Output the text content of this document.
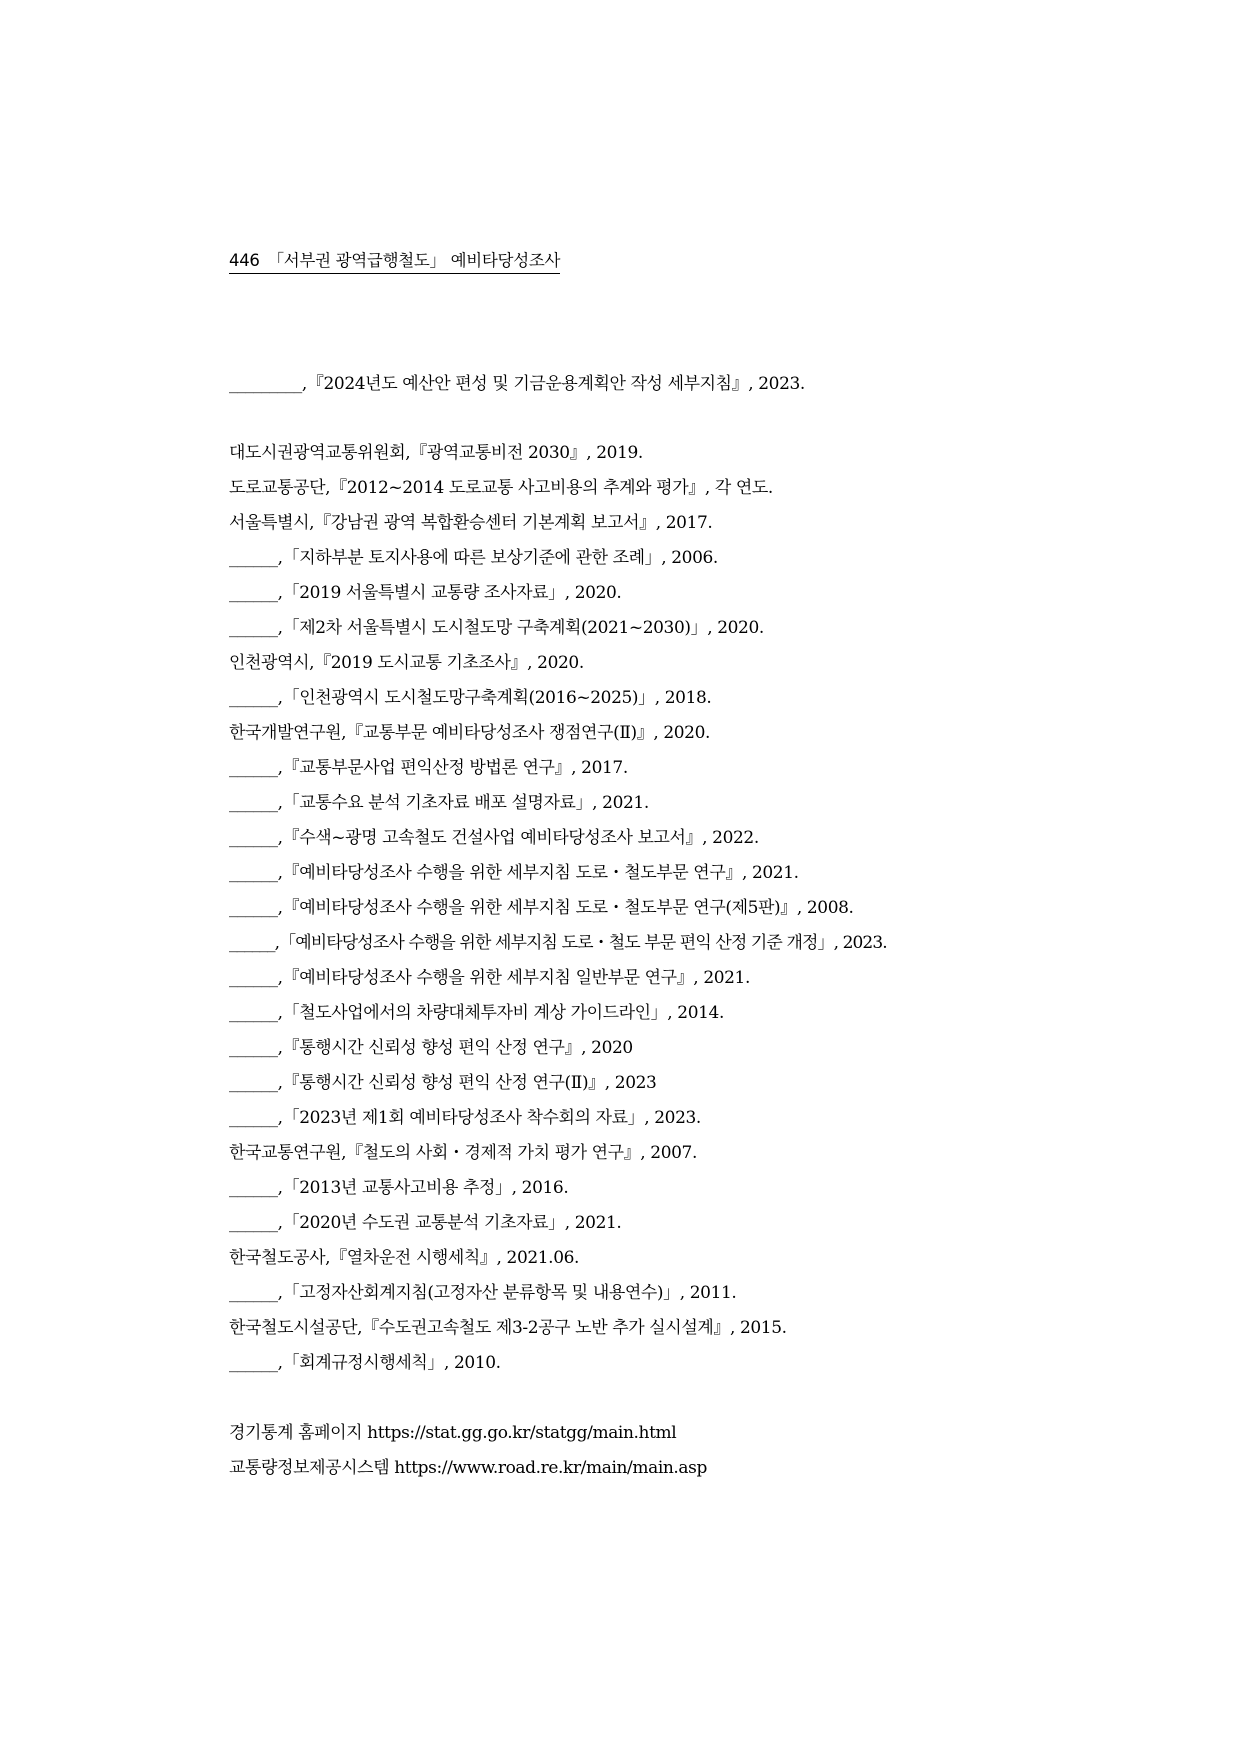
446 「서부권 광역급행철도」 예비타당성조사
_________,『2024년도 예산안 편성 및 기금운용계획안 작성 세부지침』, 2023.
대도시권광역교통위원회,『광역교통비전 2030』, 2019.
도로교통공단,『2012~2014 도로교통 사고비용의 추계와 평가』, 각 연도.
서울특별시,『강남권 광역 복합환승센터 기본계획 보고서』, 2017.
______,「지하부분 토지사용에 따른 보상기준에 관한 조례」, 2006.
______,「2019 서울특별시 교통량 조사자료」, 2020.
______,「제2차 서울특별시 도시철도망 구축계획(2021~2030)」, 2020.
인천광역시,『2019 도시교통 기초조사』, 2020.
______,「인천광역시 도시철도망구축계획(2016~2025)」, 2018.
한국개발연구원,『교통부문 예비타당성조사 쟁점연구(Ⅱ)』, 2020.
______,『교통부문사업 편익산정 방법론 연구』, 2017.
______,「교통수요 분석 기초자료 배포 설명자료」, 2021.
______,『수색~광명 고속철도 건설사업 예비타당성조사 보고서』, 2022.
______,『예비타당성조사 수행을 위한 세부지침 도로・철도부문 연구』, 2021.
______,『예비타당성조사 수행을 위한 세부지침 도로・철도부문 연구(제5판)』, 2008.
______,「예비타당성조사 수행을 위한 세부지침 도로・철도 부문 편익 산정 기준 개정」, 2023.
______,『예비타당성조사 수행을 위한 세부지침 일반부문 연구』, 2021.
______,「철도사업에서의 차량대체투자비 계상 가이드라인」, 2014.
______,『통행시간 신뢰성 향성 편익 산정 연구』, 2020
______,『통행시간 신뢰성 향성 편익 산정 연구(Ⅱ)』, 2023
______,「2023년 제1회 예비타당성조사 착수회의 자료」, 2023.
한국교통연구원,『철도의 사회・경제적 가치 평가 연구』, 2007.
______,「2013년 교통사고비용 추정」, 2016.
______,「2020년 수도권 교통분석 기초자료」, 2021.
한국철도공사,『열차운전 시행세칙』, 2021.06.
______,「고정자산회계지침(고정자산 분류항목 및 내용연수)」, 2011.
한국철도시설공단,『수도권고속철도 제3-2공구 노반 추가 실시설계』, 2015.
______,「회계규정시행세칙」, 2010.
경기통계 홈페이지 https://stat.gg.go.kr/statgg/main.html
교통량정보제공시스템 https://www.road.re.kr/main/main.asp
